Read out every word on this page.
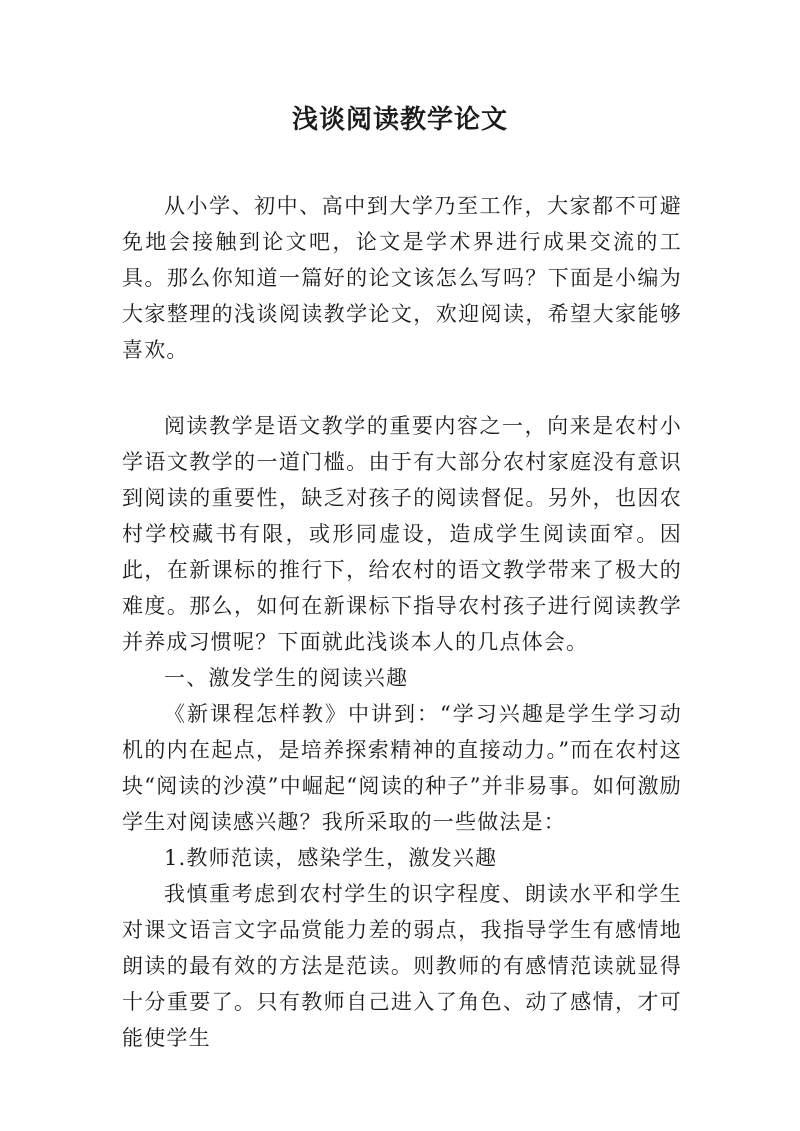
浅谈阅读教学论文

从小学、初中、高中到大学乃至工作，大家都不可避免地会接触到论文吧，论文是学术界进行成果交流的工具。那么你知道一篇好的论文该怎么写吗？下面是小编为大家整理的浅谈阅读教学论文，欢迎阅读，希望大家能够喜欢。

阅读教学是语文教学的重要内容之一，向来是农村小学语文教学的一道门槛。由于有大部分农村家庭没有意识到阅读的重要性，缺乏对孩子的阅读督促。另外，也因农村学校藏书有限，或形同虚设，造成学生阅读面窄。因此，在新课标的推行下，给农村的语文教学带来了极大的难度。那么，如何在新课标下指导农村孩子进行阅读教学并养成习惯呢？下面就此浅谈本人的几点体会。

一、激发学生的阅读兴趣

《新课程怎样教》中讲到：“学习兴趣是学生学习动机的内在起点，是培养探索精神的直接动力。”而在农村这块“阅读的沙漠”中崛起“阅读的种子”并非易事。如何激励学生对阅读感兴趣？我所采取的一些做法是：

1.教师范读，感染学生，激发兴趣

我慎重考虑到农村学生的识字程度、朗读水平和学生对课文语言文字品赏能力差的弱点，我指导学生有感情地朗读的最有效的方法是范读。则教师的有感情范读就显得十分重要了。只有教师自己进入了角色、动了感情，才可能使学生
